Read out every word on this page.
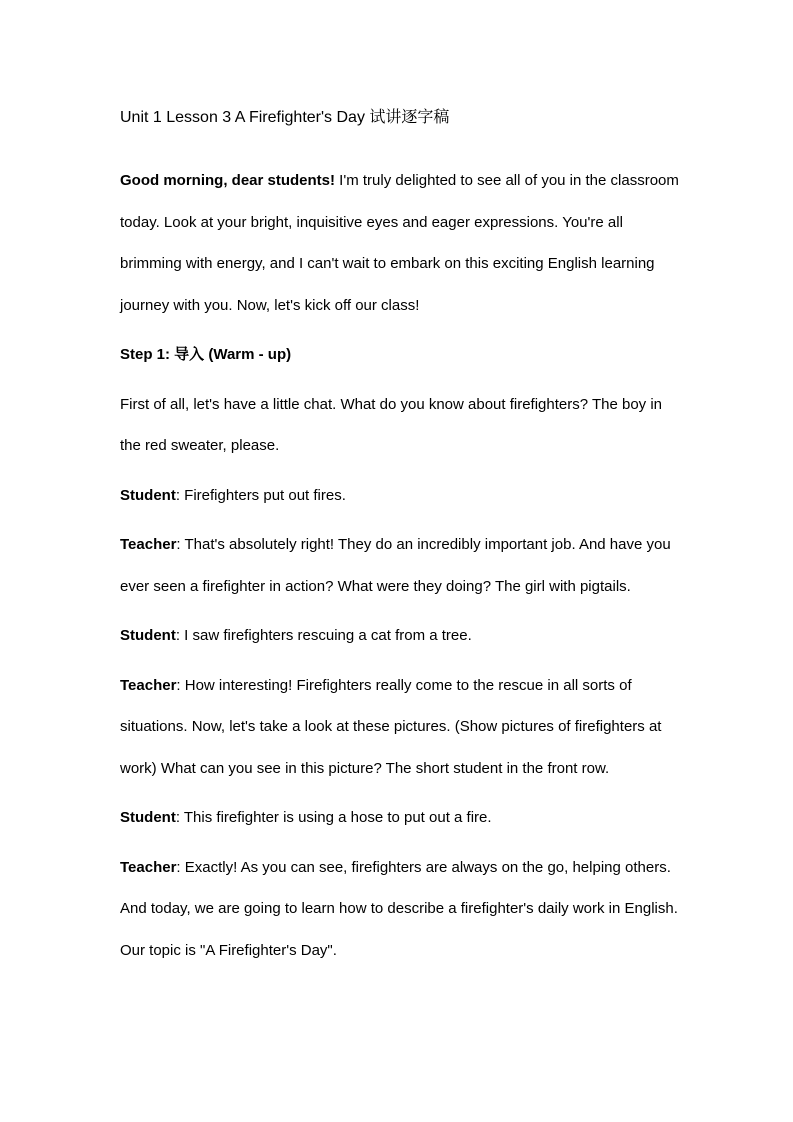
Unit 1 Lesson 3 A Firefighter's Day 试讲逐字稿

Good morning, dear students! I'm truly delighted to see all of you in the classroom today. Look at your bright, inquisitive eyes and eager expressions. You're all brimming with energy, and I can't wait to embark on this exciting English learning journey with you. Now, let's kick off our class!

Step 1: 导入 (Warm - up)

First of all, let's have a little chat. What do you know about firefighters? The boy in the red sweater, please.

Student: Firefighters put out fires.

Teacher: That's absolutely right! They do an incredibly important job. And have you ever seen a firefighter in action? What were they doing? The girl with pigtails.

Student: I saw firefighters rescuing a cat from a tree.

Teacher: How interesting! Firefighters really come to the rescue in all sorts of situations. Now, let's take a look at these pictures. (Show pictures of firefighters at work) What can you see in this picture? The short student in the front row.

Student: This firefighter is using a hose to put out a fire.

Teacher: Exactly! As you can see, firefighters are always on the go, helping others. And today, we are going to learn how to describe a firefighter's daily work in English. Our topic is "A Firefighter's Day".
